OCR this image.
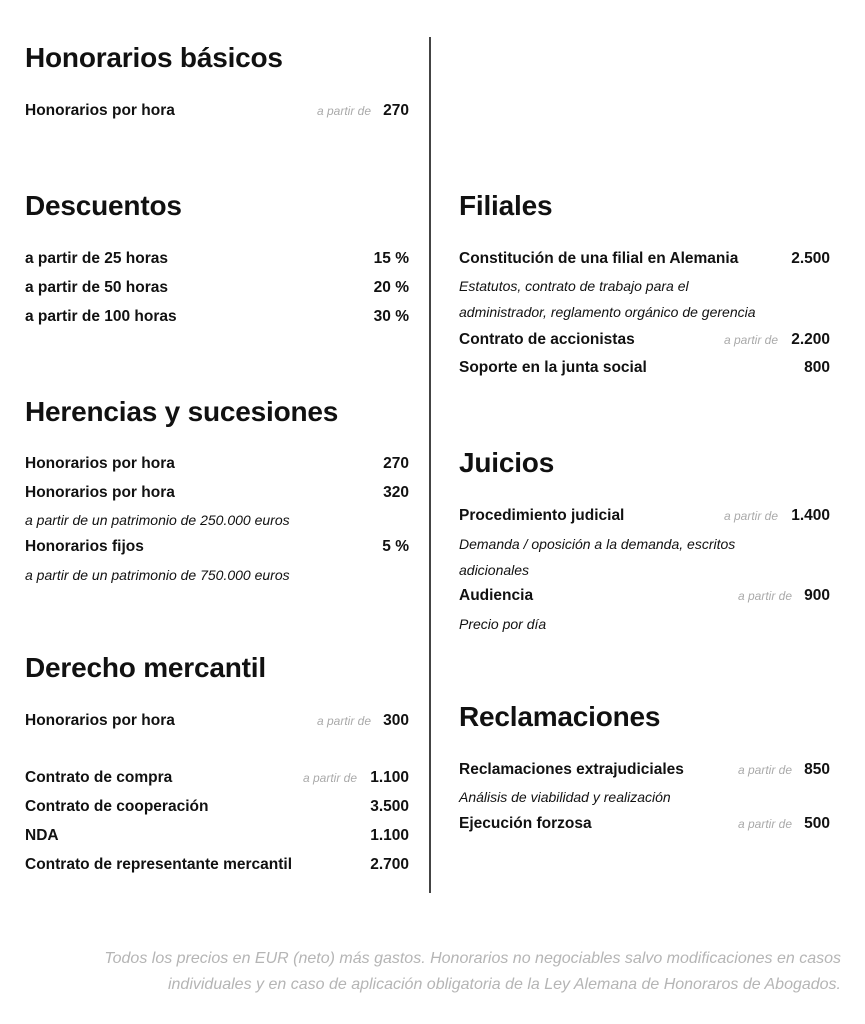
Honorarios básicos
Honorarios por hora	a partir de 270
Descuentos
a partir de 25 horas	15 %
a partir de 50 horas	20 %
a partir de 100 horas	30 %
Herencias y sucesiones
Honorarios por hora	270
Honorarios por hora	320
a partir de un patrimonio de 250.000 euros
Honorarios fijos	5 %
a partir de un patrimonio de 750.000 euros
Derecho mercantil
Honorarios por hora	a partir de 300
Contrato de compra	a partir de 1.100
Contrato de cooperación	3.500
NDA	1.100
Contrato de representante mercantil	2.700
Filiales
Constitución de una filial en Alemania	2.500
Estatutos, contrato de trabajo para el
administrador, reglamento orgánico de gerencia
Contrato de accionistas	a partir de 2.200
Soporte en la junta social	800
Juicios
Procedimiento judicial	a partir de 1.400
Demanda / oposición a la demanda, escritos
adicionales
Audiencia	a partir de 900
Precio por día
Reclamaciones
Reclamaciones extrajudiciales	a partir de 850
Análisis de viabilidad y realización
Ejecución forzosa	a partir de 500
Todos los precios en EUR (neto) más gastos. Honorarios no negociables salvo modificaciones en casos
individuales y en caso de aplicación obligatoria de la Ley Alemana de Honoraros de Abogados.
